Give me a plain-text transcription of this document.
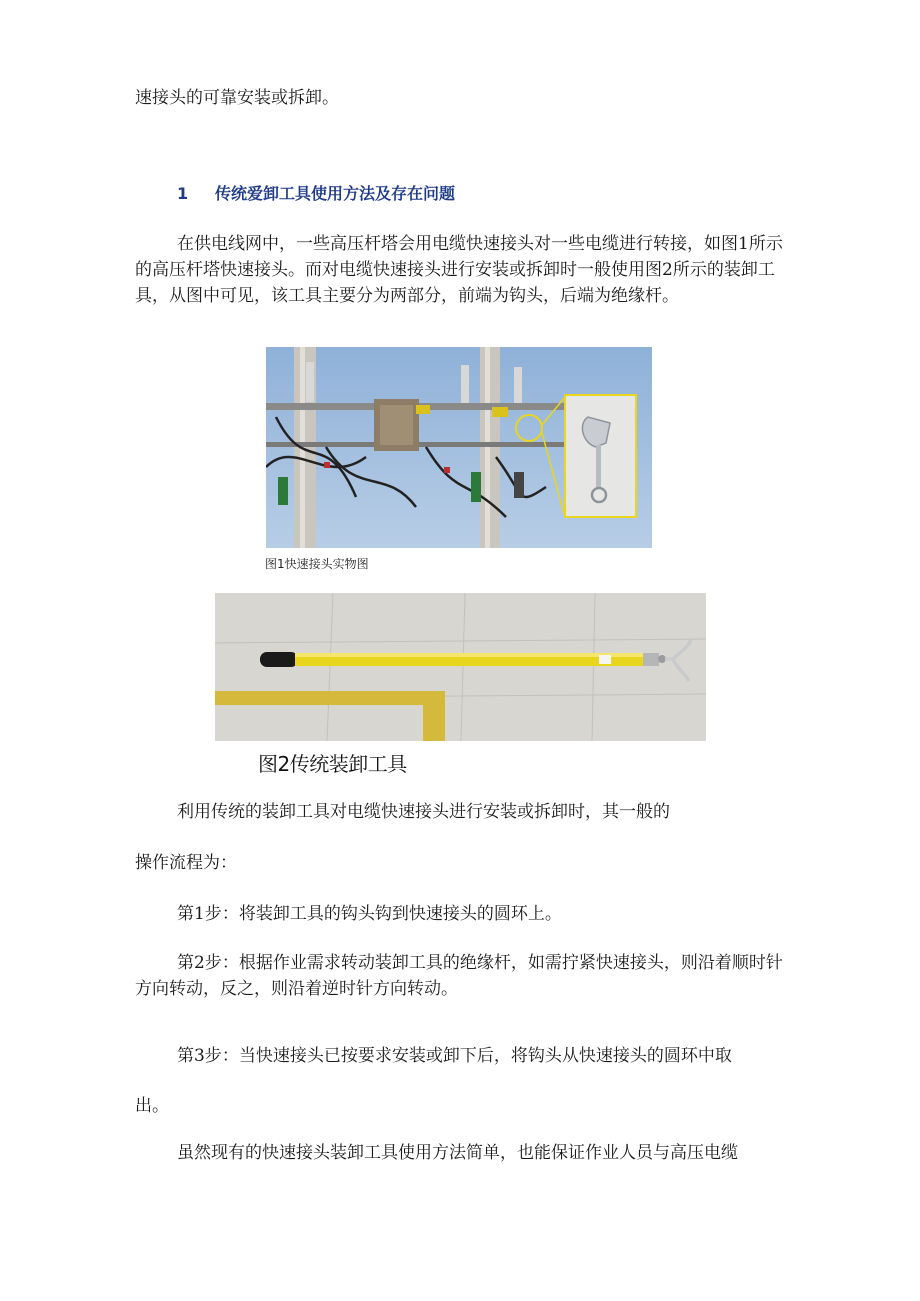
速接头的可靠安装或拆卸。

1 传统爱卸工具使用方法及存在问题

在供电线网中，一些高压杆塔会用电缆快速接头对一些电缆进行转接，如图1所示的高压杆塔快速接头。而对电缆快速接头进行安装或拆卸时一般使用图2所示的装卸工具，从图中可见，该工具主要分为两部分，前端为钩头，后端为绝缘杆。

图1快速接头实物图
图2传统装卸工具

利用传统的装卸工具对电缆快速接头进行安装或拆卸时，其一般的

操作流程为：

第1步：将装卸工具的钩头钩到快速接头的圆环上。

第2步：根据作业需求转动装卸工具的绝缘杆，如需拧紧快速接头，则沿着顺时针方向转动，反之，则沿着逆时针方向转动。

第3步：当快速接头已按要求安装或卸下后，将钩头从快速接头的圆环中取

出。

虽然现有的快速接头装卸工具使用方法简单，也能保证作业人员与高压电缆
